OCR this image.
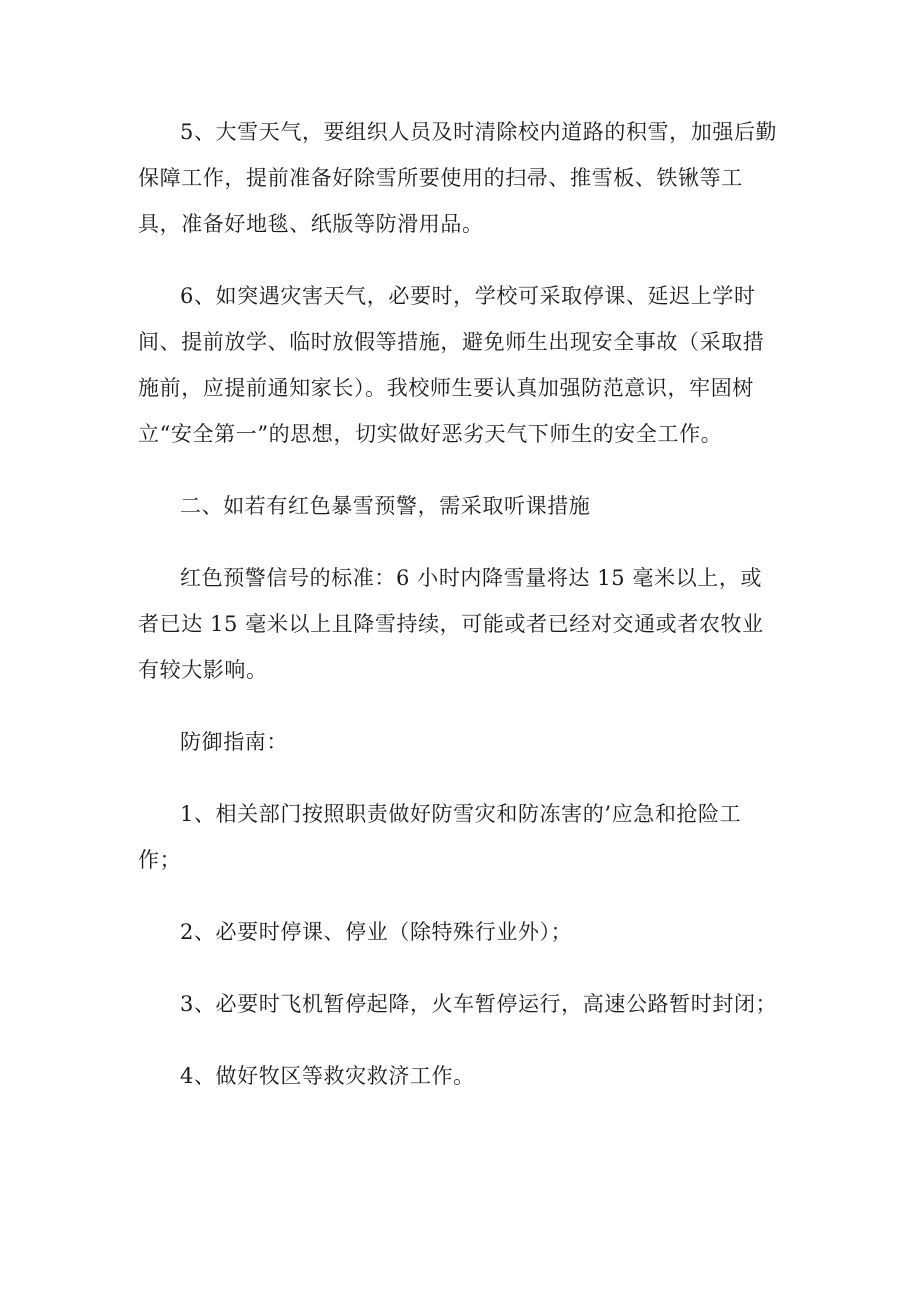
5、大雪天气，要组织人员及时清除校内道路的积雪，加强后勤
保障工作，提前准备好除雪所要使用的扫帚、推雪板、铁锹等工
具，准备好地毯、纸版等防滑用品。

6、如突遇灾害天气，必要时，学校可采取停课、延迟上学时
间、提前放学、临时放假等措施，避免师生出现安全事故（采取措
施前，应提前通知家长）。我校师生要认真加强防范意识，牢固树
立“安全第一”的思想，切实做好恶劣天气下师生的安全工作。

二、如若有红色暴雪预警，需采取听课措施

红色预警信号的标准：6 小时内降雪量将达 15 毫米以上，或
者已达 15 毫米以上且降雪持续，可能或者已经对交通或者农牧业
有较大影响。

防御指南：

1、相关部门按照职责做好防雪灾和防冻害的’应急和抢险工
作；

2、必要时停课、停业（除特殊行业外）；

3、必要时飞机暂停起降，火车暂停运行，高速公路暂时封闭；

4、做好牧区等救灾救济工作。
